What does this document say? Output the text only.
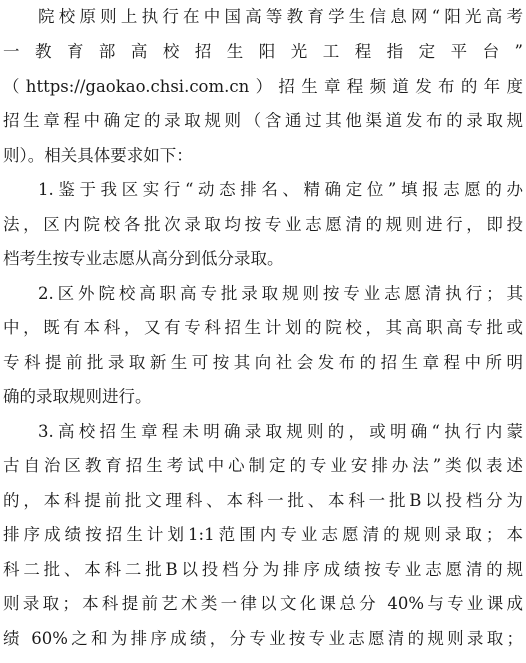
院校原则上执行在中国高等教育学生信息网“阳光高考
一 教 育 部 高 校 招 生 阳 光 工 程 指 定 平 台 ”
（https://gaokao.chsi.com.cn）招生章程频道发布的年度
招生章程中确定的录取规则（含通过其他渠道发布的录取规
则）。相关具体要求如下：
1.鉴于我区实行“动态排名、精确定位”填报志愿的办
法，区内院校各批次录取均按专业志愿清的规则进行，即投
档考生按专业志愿从高分到低分录取。
2.区外院校高职高专批录取规则按专业志愿清执行；其
中，既有本科，又有专科招生计划的院校，其高职高专批或
专科提前批录取新生可按其向社会发布的招生章程中所明
确的录取规则进行。
3.高校招生章程未明确录取规则的，或明确“执行内蒙
古自治区教育招生考试中心制定的专业安排办法”类似表述
的，本科提前批文理科、本科一批、本科一批B以投档分为
排序成绩按招生计划1:1范围内专业志愿清的规则录取；本
科二批、本科二批B以投档分为排序成绩按专业志愿清的规
则录取；本科提前艺术类一律以文化课总分 40%与专业课成
绩 60%之和为排序成绩，分专业按专业志愿清的规则录取；
